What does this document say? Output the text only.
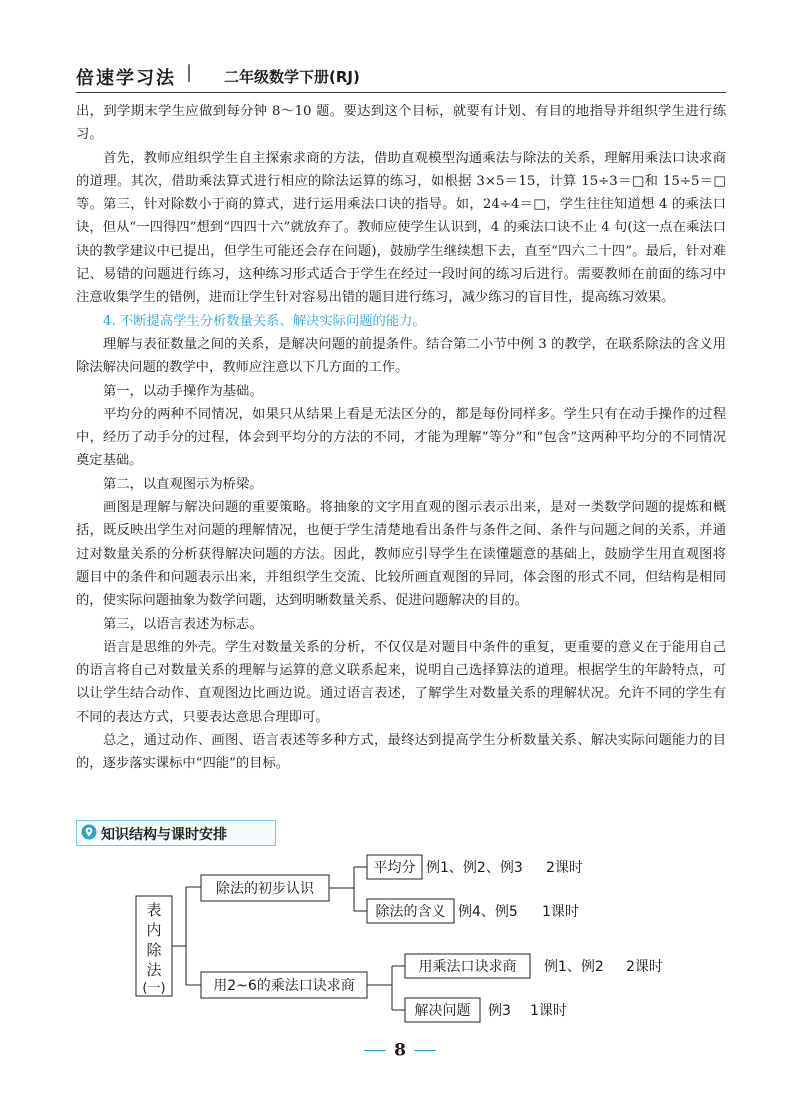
倍速学习法 | 二年级数学下册(RJ)

出，到学期末学生应做到每分钟 8～10 题。要达到这个目标，就要有计划、有目的地指导并组织学生进行练习。

首先，教师应组织学生自主探索求商的方法，借助直观模型沟通乘法与除法的关系，理解用乘法口诀求商的道理。其次，借助乘法算式进行相应的除法运算的练习，如根据 3×5＝15，计算 15÷3＝□和 15÷5＝□等。第三，针对除数小于商的算式，进行运用乘法口诀的指导。如，24÷4＝□，学生往往知道想 4 的乘法口诀，但从“一四得四”想到“四四十六”就放弃了。教师应使学生认识到，4 的乘法口诀不止 4 句(这一点在乘法口诀的教学建议中已提出，但学生可能还会存在问题)，鼓励学生继续想下去，直至“四六二十四”。最后，针对难记、易错的问题进行练习，这种练习形式适合于学生在经过一段时间的练习后进行。需要教师在前面的练习中注意收集学生的错例，进而让学生针对容易出错的题目进行练习，减少练习的盲目性，提高练习效果。

4. 不断提高学生分析数量关系、解决实际问题的能力。

理解与表征数量之间的关系，是解决问题的前提条件。结合第二小节中例 3 的教学，在联系除法的含义用除法解决问题的教学中，教师应注意以下几方面的工作。

第一，以动手操作为基础。

平均分的两种不同情况，如果只从结果上看是无法区分的，都是每份同样多。学生只有在动手操作的过程中，经历了动手分的过程，体会到平均分的方法的不同，才能为理解“等分”和“包含”这两种平均分的不同情况奠定基础。

第二，以直观图示为桥梁。

画图是理解与解决问题的重要策略。将抽象的文字用直观的图示表示出来，是对一类数学问题的提炼和概括，既反映出学生对问题的理解情况，也便于学生清楚地看出条件与条件之间、条件与问题之间的关系，并通过对数量关系的分析获得解决问题的方法。因此，教师应引导学生在读懂题意的基础上，鼓励学生用直观图将题目中的条件和问题表示出来，并组织学生交流、比较所画直观图的异同，体会图的形式不同，但结构是相同的，使实际问题抽象为数学问题，达到明晰数量关系、促进问题解决的目的。

第三，以语言表述为标志。

语言是思维的外壳。学生对数量关系的分析，不仅仅是对题目中条件的重复，更重要的意义在于能用自己的语言将自己对数量关系的理解与运算的意义联系起来，说明自己选择算法的道理。根据学生的年龄特点，可以让学生结合动作、直观图边比画边说。通过语言表述，了解学生对数量关系的理解状况。允许不同的学生有不同的表达方式，只要表达意思合理即可。

总之，通过动作、画图、语言表述等多种方式，最终达到提高学生分析数量关系、解决实际问题能力的目的，逐步落实课标中“四能”的目标。

知识结构与课时安排
表
内
除
法
(一)
除法的初步认识
平均分 例1、例2、例3 2课时
除法的含义 例4、例5 1课时
用2~6的乘法口诀求商
用乘法口诀求商 例1、例2 2课时
解决问题 例3 1课时
8
